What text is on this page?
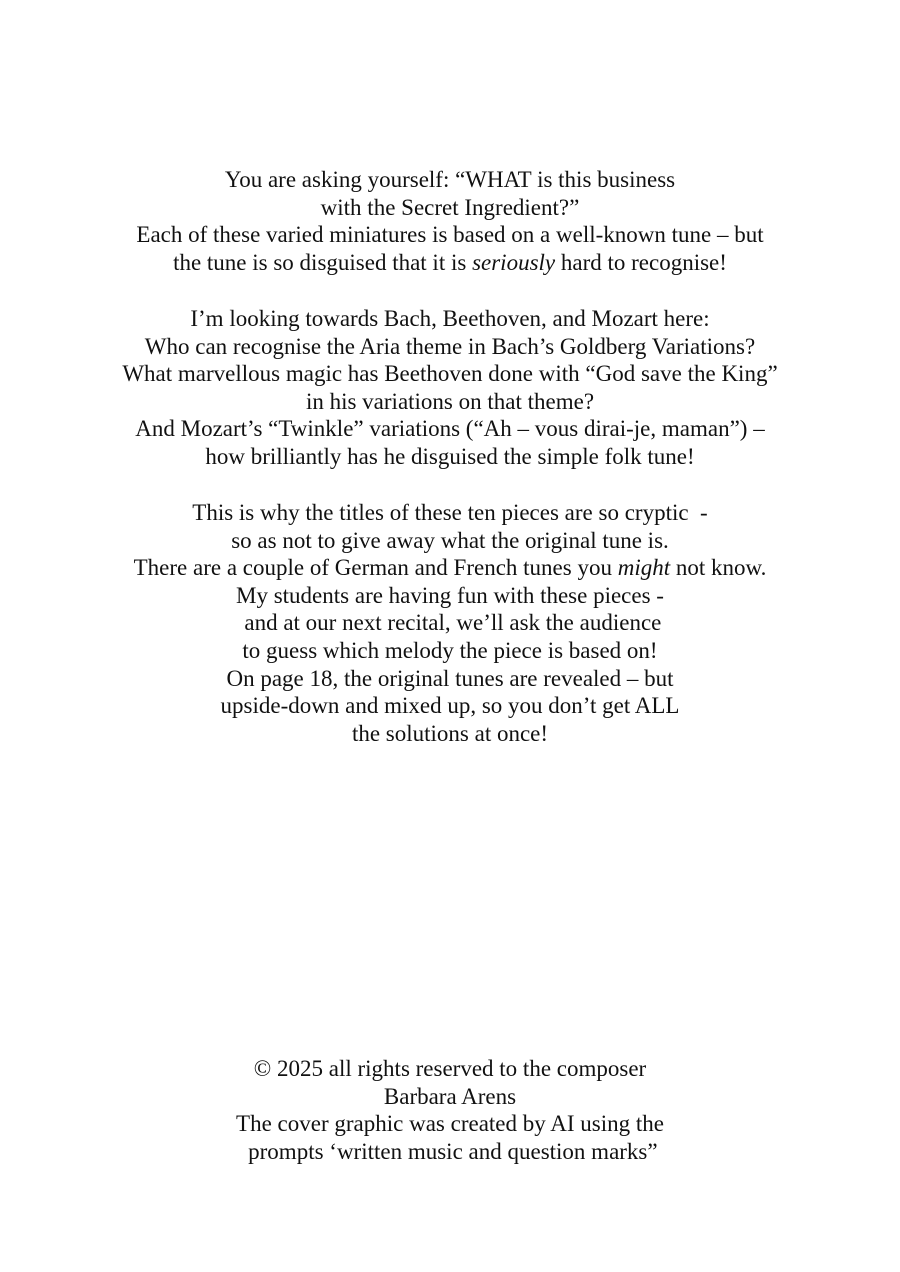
You are asking yourself: “WHAT is this business
with the Secret Ingredient?”
Each of these varied miniatures is based on a well-known tune – but
the tune is so disguised that it is seriously hard to recognise!
I’m looking towards Bach, Beethoven, and Mozart here:
Who can recognise the Aria theme in Bach’s Goldberg Variations?
What marvellous magic has Beethoven done with “God save the King”
in his variations on that theme?
And Mozart’s “Twinkle” variations (“Ah – vous dirai-je, maman”) –
how brilliantly has he disguised the simple folk tune!
This is why the titles of these ten pieces are so cryptic  -
so as not to give away what the original tune is.
There are a couple of German and French tunes you might not know.
My students are having fun with these pieces -
and at our next recital, we’ll ask the audience
to guess which melody the piece is based on!
On page 18, the original tunes are revealed – but
upside-down and mixed up, so you don’t get ALL
the solutions at once!
© 2025 all rights reserved to the composer
Barbara Arens
The cover graphic was created by AI using the
prompts ‘written music and question marks”
